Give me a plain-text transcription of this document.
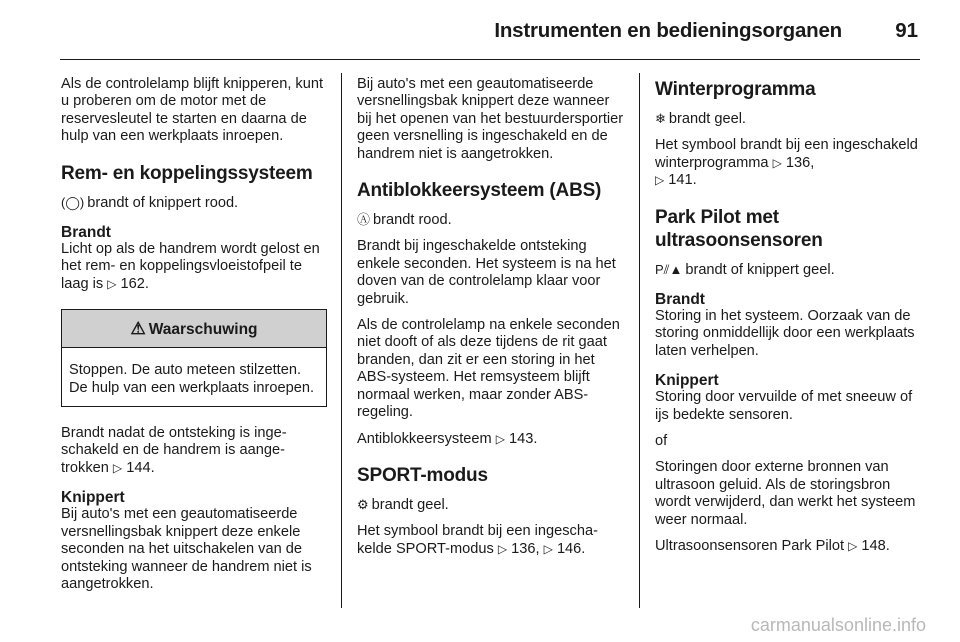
Instrumenten en bedieningsorganen	91

Als de controlelamp blijft knipperen, kunt u proberen om de motor met de reservesleutel te starten en daarna de hulp van een werkplaats inroepen.

Rem- en koppelingssysteem

(◯) brandt of knippert rood.

Brandt

Licht op als de handrem wordt gelost en het rem- en koppelingsvloeistofpeil te laag is ▷ 162.

⚠ Waarschuwing

Stoppen. De auto meteen stilzetten. De hulp van een werkplaats inroepen.

Brandt nadat de ontsteking is ingeschakeld en de handrem is aangetrokken ▷ 144.

Knippert

Bij auto's met een geautomatiseerde versnellingsbak knippert deze enkele seconden na het uitschakelen van de ontsteking wanneer de handrem niet is aangetrokken.

Bij auto's met een geautomatiseerde versnellingsbak knippert deze wanneer bij het openen van het bestuurdersportier geen versnelling is ingeschakeld en de handrem niet is aangetrokken.

Antiblokkeersysteem (ABS)

Ⓐ brandt rood.

Brandt bij ingeschakelde ontsteking enkele seconden. Het systeem is na het doven van de controlelamp klaar voor gebruik.

Als de controlelamp na enkele seconden niet dooft of als deze tijdens de rit gaat branden, dan zit er een storing in het ABS-systeem. Het remsysteem blijft normaal werken, maar zonder ABS-regeling.

Antiblokkeersysteem ▷ 143.

SPORT-modus

⚙ brandt geel.

Het symbool brandt bij een ingeschakelde SPORT-modus ▷ 136, ▷ 146.

Winterprogramma

❄ brandt geel.

Het symbool brandt bij een ingeschakeld winterprogramma ▷ 136,
▷ 141.

Park Pilot met
ultrasoonsensoren

P⫽▲ brandt of knippert geel.

Brandt

Storing in het systeem. Oorzaak van de storing onmiddellijk door een werkplaats laten verhelpen.

Knippert

Storing door vervuilde of met sneeuw of ijs bedekte sensoren.

of

Storingen door externe bronnen van ultrasoon geluid. Als de storingsbron wordt verwijderd, dan werkt het systeem weer normaal.

Ultrasoonsensoren Park Pilot ▷ 148.

carmanualsonline.info
